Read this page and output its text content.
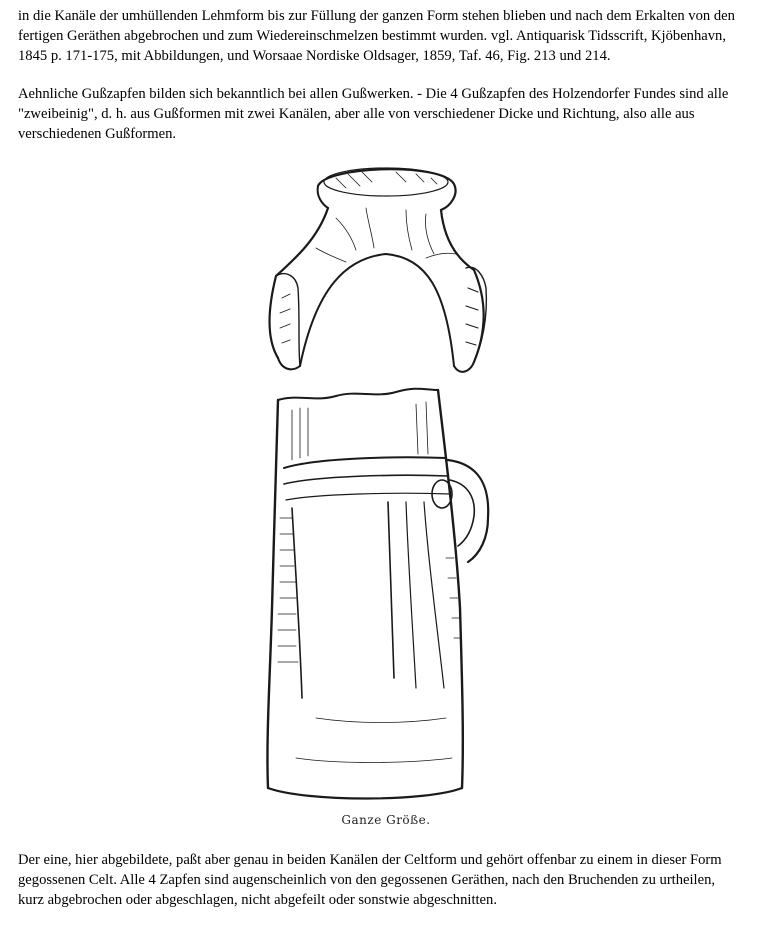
in die Kanäle der umhüllenden Lehmform bis zur Füllung der ganzen Form stehen blieben und nach dem Erkalten von den
fertigen Geräthen abgebrochen und zum Wiedereinschmelzen bestimmt wurden. vgl. Antiquarisk Tidsscrift, Kjöbenhavn,
1845 p. 171-175, mit Abbildungen, und Worsaae Nordiske Oldsager, 1859, Taf. 46, Fig. 213 und 214.

Aehnliche Gußzapfen bilden sich bekanntlich bei allen Gußwerken. - Die 4 Gußzapfen des Holzendorfer Fundes sind alle
"zweibeinig", d. h. aus Gußformen mit zwei Kanälen, aber alle von verschiedener Dicke und Richtung, also alle aus
verschiedenen Gußformen.

Ganze Größe.

Der eine, hier abgebildete, paßt aber genau in beiden Kanälen der Celtform und gehört offenbar zu einem in dieser Form
gegossenen Celt. Alle 4 Zapfen sind augenscheinlich von den gegossenen Geräthen, nach den Bruchenden zu urtheilen,
kurz abgebrochen oder abgeschlagen, nicht abgefeilt oder sonstwie abgeschnitten.
